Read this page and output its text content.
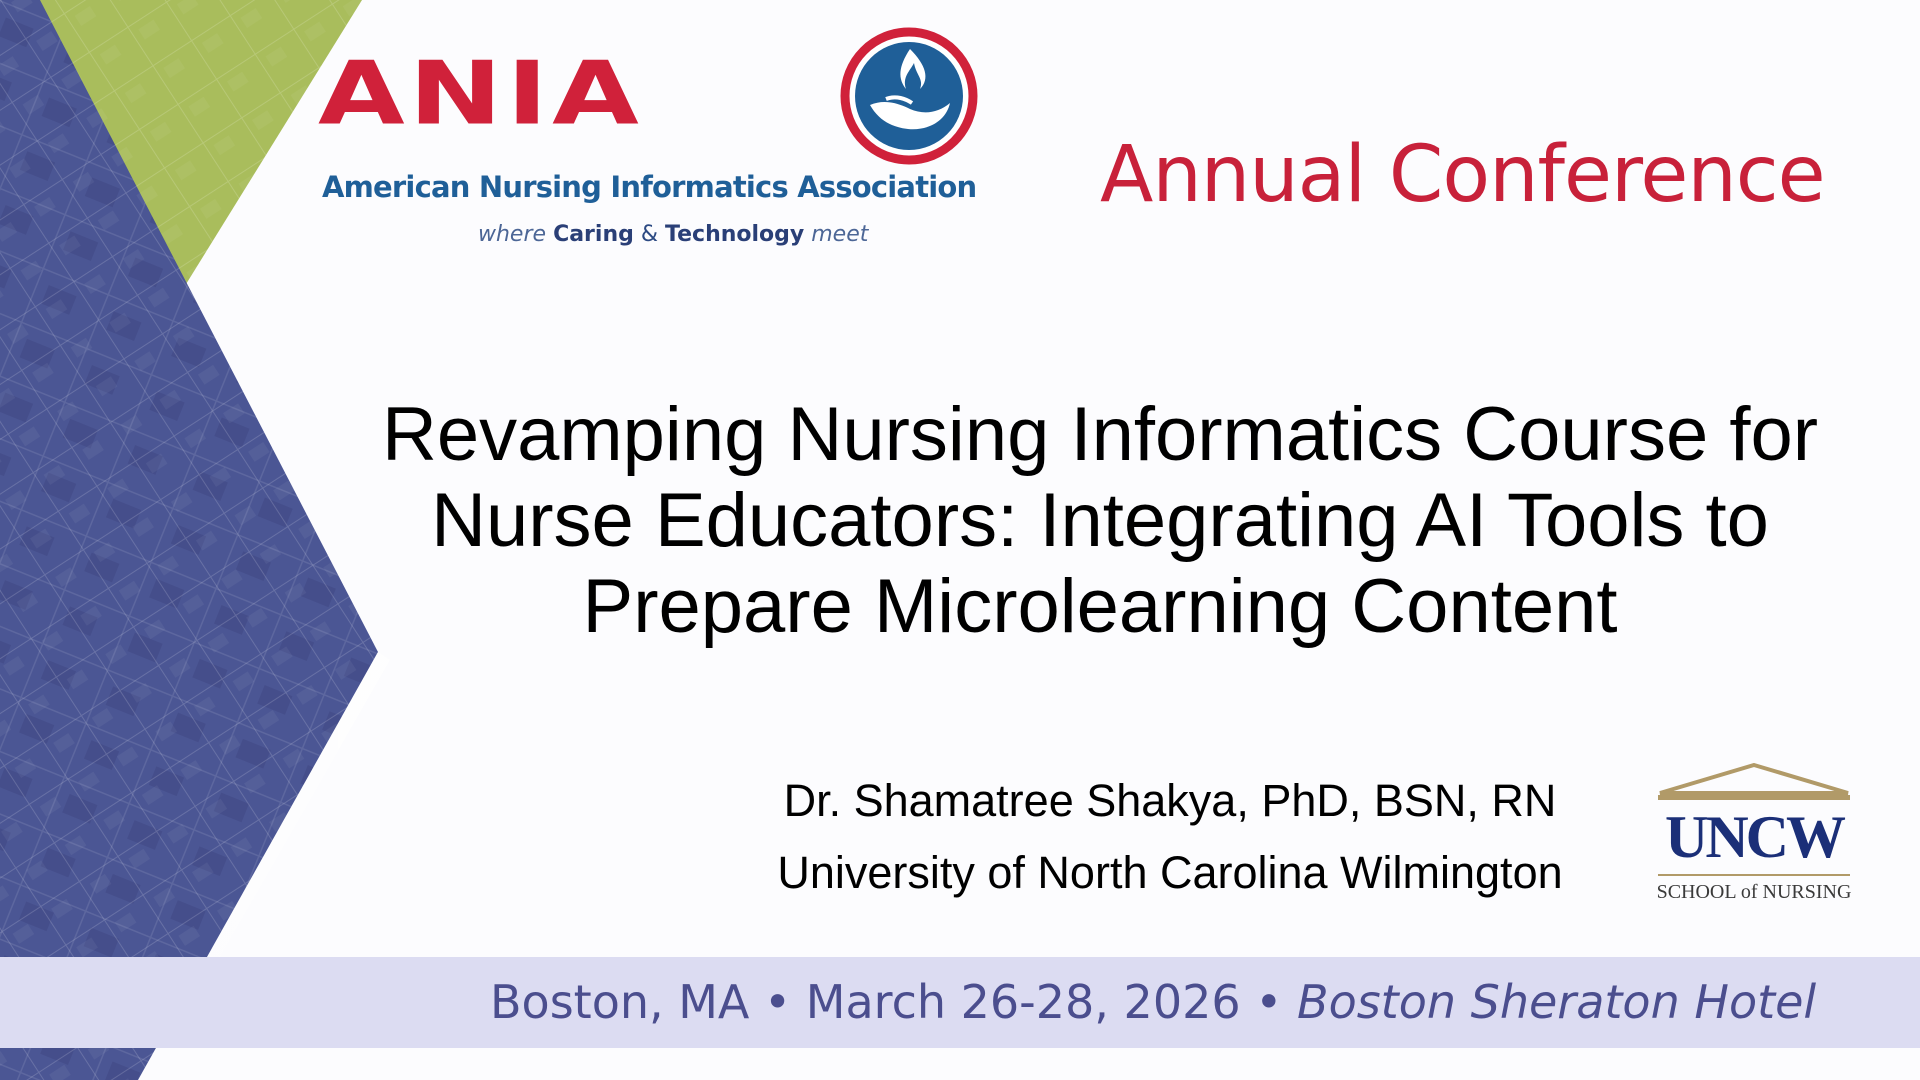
ANIA
American Nursing Informatics Association
where Caring & Technology meet
Annual Conference
Revamping Nursing Informatics Course for
Nurse Educators: Integrating AI Tools to
Prepare Microlearning Content
Dr. Shamatree Shakya, PhD, BSN, RN
University of North Carolina Wilmington
UNCW
SCHOOL of NURSING
Boston, MA • March 26-28, 2026 • Boston Sheraton Hotel
